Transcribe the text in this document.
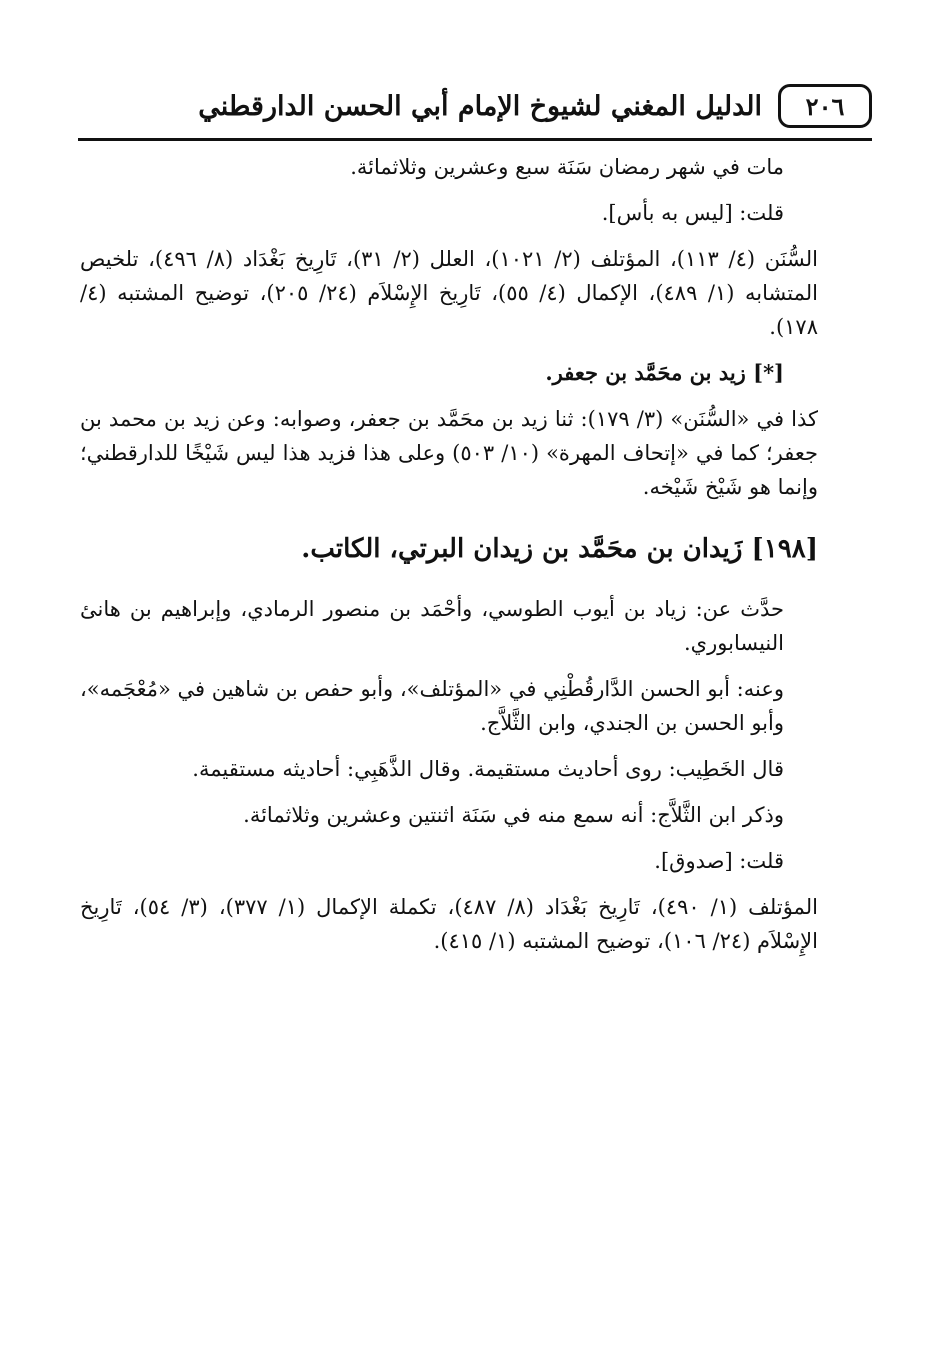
٢٠٦
الدليل المغني لشيوخ الإمام أبي الحسن الدارقطني

مات في شهر رمضان سَنَة سبع وعشرين وثلاثمائة.

قلت: [ليس به بأس].

السُّنَن (٤/ ١١٣)، المؤتلف (٢/ ١٠٢١)، العلل (٢/ ٣١)، تَارِيخ بَغْدَاد (٨/ ٤٩٦)، تلخيص المتشابه (١/ ٤٨٩)، الإكمال (٤/ ٥٥)، تَارِيخ الإِسْلاَم (٢٤/ ٢٠٥)، توضيح المشتبه (٤/ ١٧٨).

[*] زيد بن محَمَّد بن جعفر.

كذا في «السُّنَن» (٣/ ١٧٩): ثنا زيد بن محَمَّد بن جعفر، وصوابه: وعن زيد بن محمد بن جعفر؛ كما في «إتحاف المهرة» (١٠/ ٥٠٣) وعلى هذا فزيد هذا ليس شَيْخًا للدارقطني؛ وإنما هو شَيْخ شَيْخه.

[١٩٨] زَيدان بن محَمَّد بن زيدان البرتي، الكاتب.

حدَّث عن: زياد بن أيوب الطوسي، وأحْمَد بن منصور الرمادي، وإبراهيم بن هانئ النيسابوري.

وعنه: أبو الحسن الدَّارقُطْنِي في «المؤتلف»، وأبو حفص بن شاهين في «مُعْجَمه»، وأبو الحسن بن الجندي، وابن الثَّلاَّج.

قال الخَطِيب: روى أحاديث مستقيمة. وقال الذَّهَبِي: أحاديثه مستقيمة.

وذكر ابن الثَّلاَّج: أنه سمع منه في سَنَة اثنتين وعشرين وثلاثمائة.

قلت: [صدوق].

المؤتلف (١/ ٤٩٠)، تَارِيخ بَغْدَاد (٨/ ٤٨٧)، تكملة الإكمال (١/ ٣٧٧)، (٣/ ٥٤)، تَارِيخ الإِسْلاَم (٢٤/ ١٠٦)، توضيح المشتبه (١/ ٤١٥).
